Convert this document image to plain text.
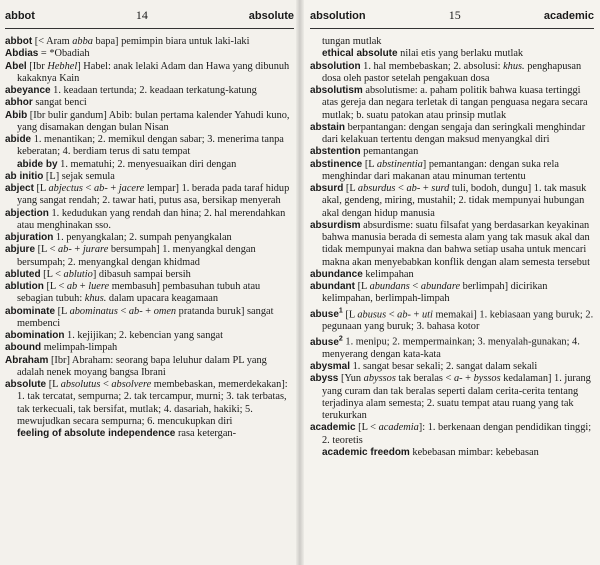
abbot	14	absolute

abbot [< Aram abba bapa] pemimpin biara untuk laki-laki

Abdias = *Obadiah

Abel [Ibr Hebhel] Habel: anak lelaki Adam dan Hawa yang dibunuh kakaknya Kain

abeyance 1. keadaan tertunda; 2. keadaan terkatung-katung

abhor sangat benci

Abib [Ibr bulir gandum] Abib: bulan pertama kalender Yahudi kuno, yang disamakan dengan bulan Nisan

abide 1. menantikan; 2. memikul dengan sabar; 3. menerima tanpa keberatan; 4. berdiam terus di satu tempat

abide by 1. mematuhi; 2. menyesuaikan diri dengan

ab initio [L] sejak semula

abject [L abjectus < ab- + jacere lempar] 1. berada pada taraf hidup yang sangat rendah; 2. tawar hati, putus asa, bersikap menyerah

abjection 1. kedudukan yang rendah dan hina; 2. hal merendahkan atau menghinakan sso.

abjuration 1. penyangkalan; 2. sumpah penyangkalan

abjure [L < ab- + jurare bersumpah] 1. menyangkal dengan bersumpah; 2. menyangkal dengan khidmad

abluted [L < ablutio] dibasuh sampai bersih

ablution [L < ab + luere membasuh] pembasuhan tubuh atau sebagian tubuh: khus. dalam upacara keagamaan

abominate [L abominatus < ab- + omen pratanda buruk] sangat membenci

abomination 1. kejijikan; 2. kebencian yang sangat

abound melimpah-limpah

Abraham [Ibr] Abraham: seorang bapa leluhur dalam PL yang adalah nenek moyang bangsa Ibrani

absolute [L absolutus < absolvere membebaskan, memerdekakan]: 1. tak tercatat, sempurna; 2. tak tercampur, murni; 3. tak terbatas, tak terkecuali, tak bersifat, mutlak; 4. dasariah, hakiki; 5. mewujudkan secara sempurna; 6. mencukupkan diri

feeling of absolute independence rasa ketergan-

absolution	15	academic

tungan mutlak

ethical absolute nilai etis yang berlaku mutlak

absolution 1. hal membebaskan; 2. absolusi: khus. penghapusan dosa oleh pastor setelah pengakuan dosa

absolutism absolutisme: a. paham politik bahwa kuasa tertinggi atas gereja dan negara terletak di tangan penguasa negara secara mutlak; b. suatu patokan atau prinsip mutlak

abstain berpantangan: dengan sengaja dan seringkali menghindar dari kelakuan tertentu dengan maksud menyangkal diri

abstention pemantangan

abstinence [L abstinentia] pemantangan: dengan suka rela menghindar dari makanan atau minuman tertentu

absurd [L absurdus < ab- + surd tuli, bodoh, dungu] 1. tak masuk akal, gendeng, miring, mustahil; 2. tidak mempunyai hubungan akal dengan hidup manusia

absurdism absurdisme: suatu filsafat yang berdasarkan keyakinan bahwa manusia berada di semesta alam yang tak masuk akal dan tidak mempunyai makna dan bahwa setiap usaha untuk mencari makna akan menyebabkan konflik dengan alam semesta tersebut

abundance kelimpahan

abundant [L abundans < abundare berlimpah] dicirikan kelimpahan, berlimpah-limpah

abuse$^1$ [L abusus < ab- + uti memakai] 1. kebiasaan yang buruk; 2. pegunaan yang buruk; 3. bahasa kotor

abuse$^2$ 1. menipu; 2. mempermainkan; 3. menyalah-gunakan; 4. menyerang dengan kata-kata

abysmal 1. sangat besar sekali; 2. sangat dalam sekali

abyss [Yun abyssos tak beralas < a- + byssos kedalaman] 1. jurang yang curam dan tak beralas seperti dalam cerita-cerita tentang terjadinya alam semesta; 2. suatu tempat atau ruang yang tak terukurkan

academic [L < academia]: 1. berkenaan dengan pendidikan tinggi; 2. teoretis

academic freedom kebebasan mimbar: kebebasan
